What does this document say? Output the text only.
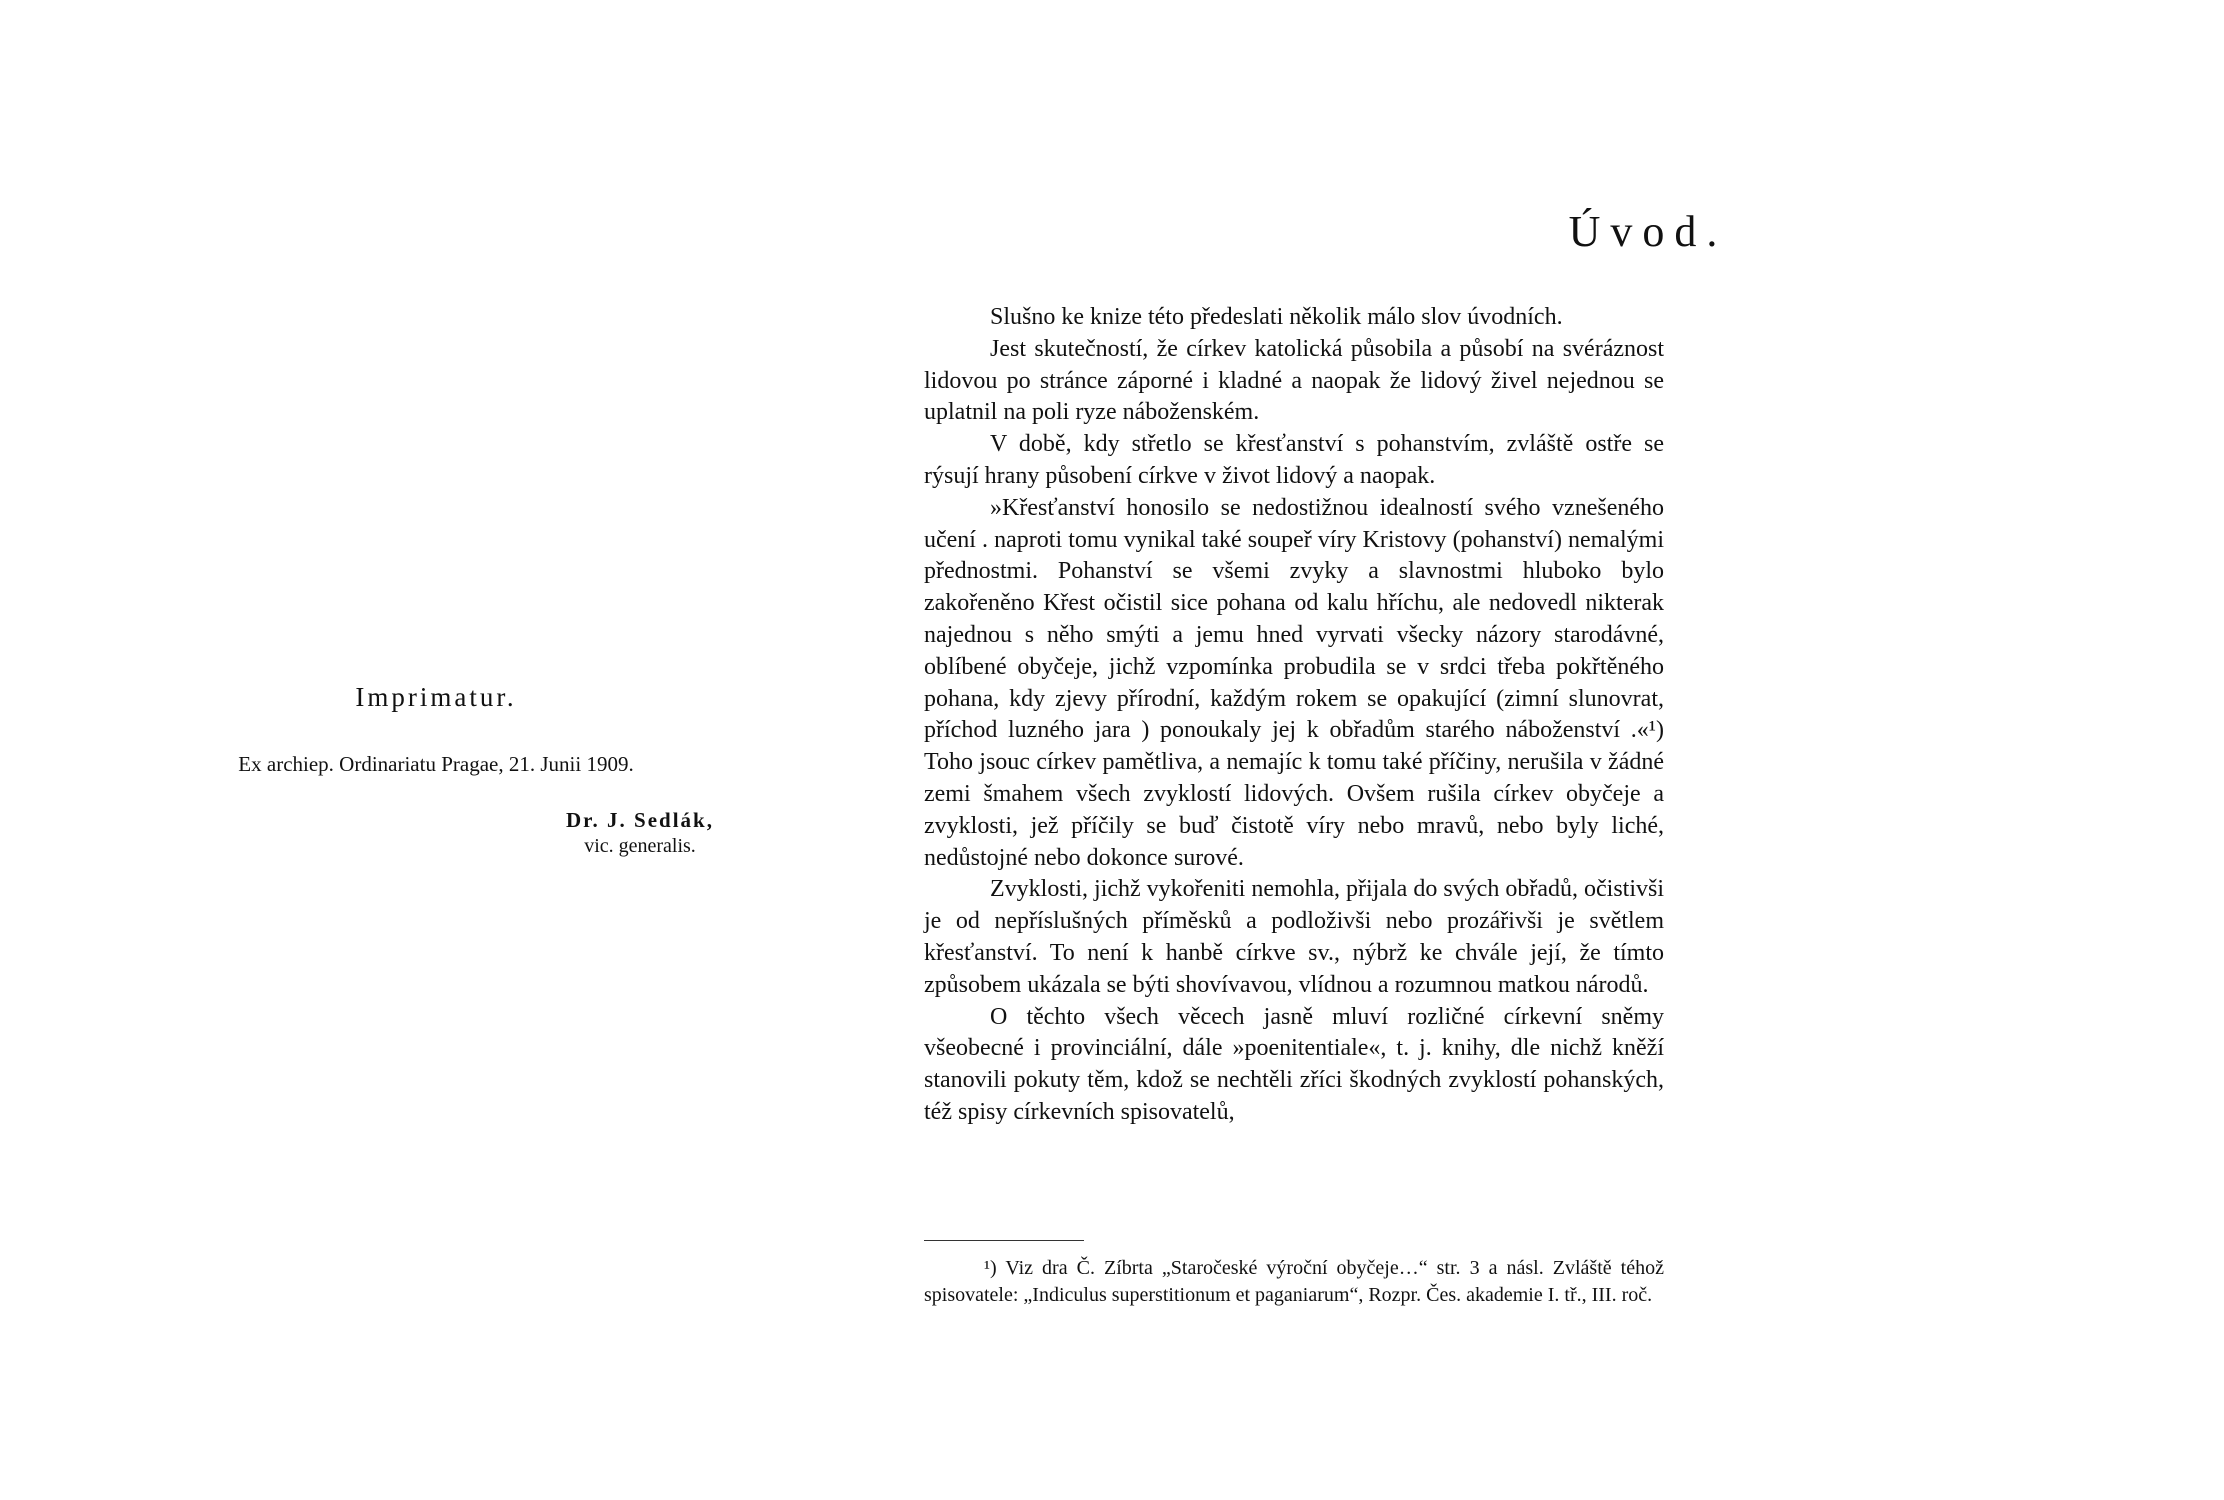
Imprimatur.
Ex archiep. Ordinariatu Pragae, 21. Junii 1909.
Dr. J. Sedlák,
vic. generalis.
Úvod.

Slušno ke knize této předeslati několik málo slov úvodních.

Jest skutečností, že církev katolická působila a působí na svéráznost lidovou po stránce záporné i kladné a naopak že lidový živel nejednou se uplatnil na poli ryze náboženském.

V době, kdy střetlo se křesťanství s pohanstvím, zvláště ostře se rýsují hrany působení církve v život lidový a naopak.

»Křesťanství honosilo se nedostižnou idealností svého vznešeného učení . naproti tomu vynikal také soupeř víry Kristovy (pohanství) nemalými přednostmi. Pohanství se všemi zvyky a slavnostmi hluboko bylo zakořeněno Křest očistil sice pohana od kalu hříchu, ale nedovedl nikterak najednou s něho smýti a jemu hned vyrvati všecky názory starodávné, oblíbené obyčeje, jichž vzpomínka probudila se v srdci třeba pokřtěného pohana, kdy zjevy přírodní, každým rokem se opakující (zimní slunovrat, příchod luzného jara ) ponoukaly jej k obřadům starého náboženství .«¹) Toho jsouc církev pamětliva, a nemajíc k tomu také příčiny, nerušila v žádné zemi šmahem všech zvyklostí lidových. Ovšem rušila církev obyčeje a zvyklosti, jež příčily se buď čistotě víry nebo mravů, nebo byly liché, nedůstojné nebo dokonce surové.

Zvyklosti, jichž vykořeniti nemohla, přijala do svých obřadů, očistivši je od nepříslušných příměsků a podloživši nebo prozářivši je světlem křesťanství. To není k hanbě církve sv., nýbrž ke chvále její, že tímto způsobem ukázala se býti shovívavou, vlídnou a rozumnou matkou národů.

O těchto všech věcech jasně mluví rozličné církevní sněmy všeobecné i provinciální, dále »poenitentiale«, t. j. knihy, dle nichž kněží stanovili pokuty těm, kdož se nechtěli zříci škodných zvyklostí pohanských, též spisy církevních spisovatelů,

¹) Viz dra Č. Zíbrta „Staročeské výroční obyčeje…“ str. 3 a násl. Zvláště téhož spisovatele: „Indiculus superstitionum et paganiarum“, Rozpr. Čes. akademie I. tř., III. roč.
